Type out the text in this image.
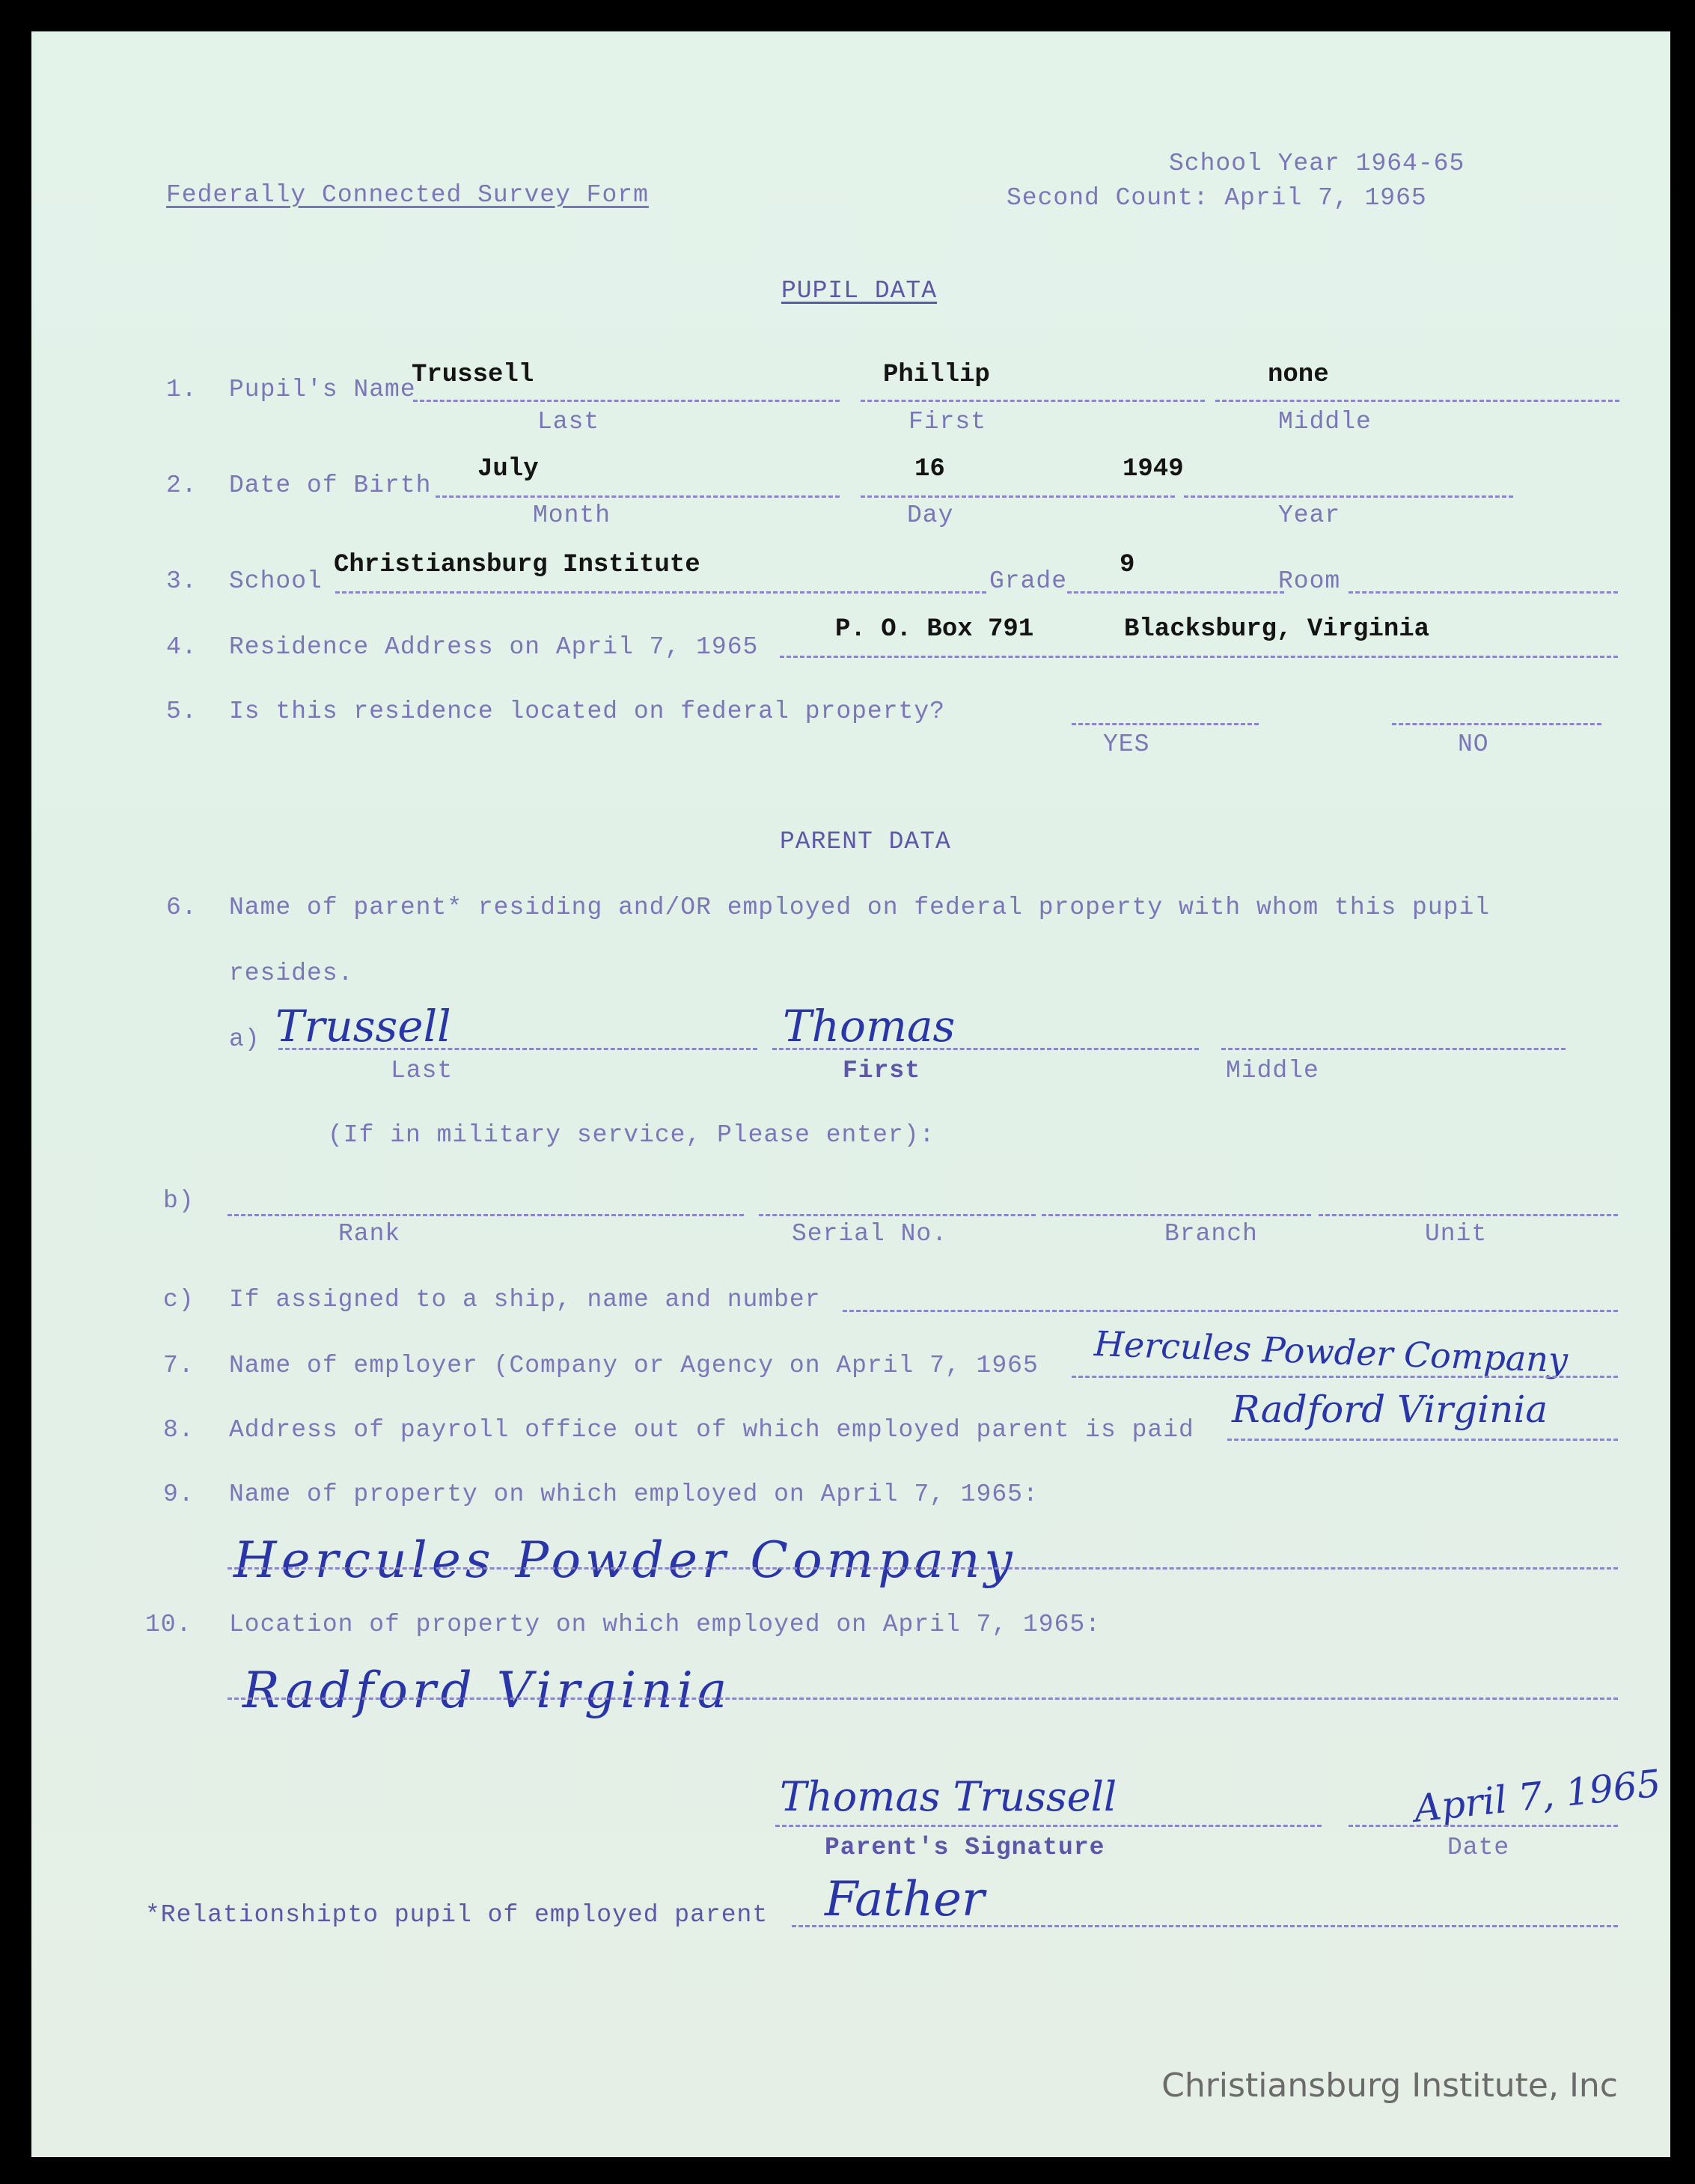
Federally Connected Survey Form
School Year 1964-65
Second Count: April 7, 1965
PUPIL DATA
1. Pupil's Name
Trussell	Phillip	none
Last	First	Middle
2. Date of Birth
July	16	1949
Month	Day	Year
3. School
Christiansburg Institute
Grade
9
Room
4. Residence Address on April 7, 1965
P. O. Box 791	Blacksburg, Virginia
5. Is this residence located on federal property?
YES	NO
PARENT DATA
6. Name of parent* residing and/OR employed on federal property with whom this pupil
resides.
a) Trussell	Thomas
Last	First	Middle
(If in military service, Please enter):
b)
Rank	Serial No.	Branch	Unit
c) If assigned to a ship, name and number
7. Name of employer (Company or Agency on April 7, 1965 Hercules Powder Company
8. Address of payroll office out of which employed parent is paid Radford Virginia
9. Name of property on which employed on April 7, 1965:
Hercules Powder Company
10. Location of property on which employed on April 7, 1965:
Radford Virginia
Thomas Trussell
Parent's Signature
April 7, 1965
Date
*Relationshipto pupil of employed parent Father
Christiansburg Institute, Inc
